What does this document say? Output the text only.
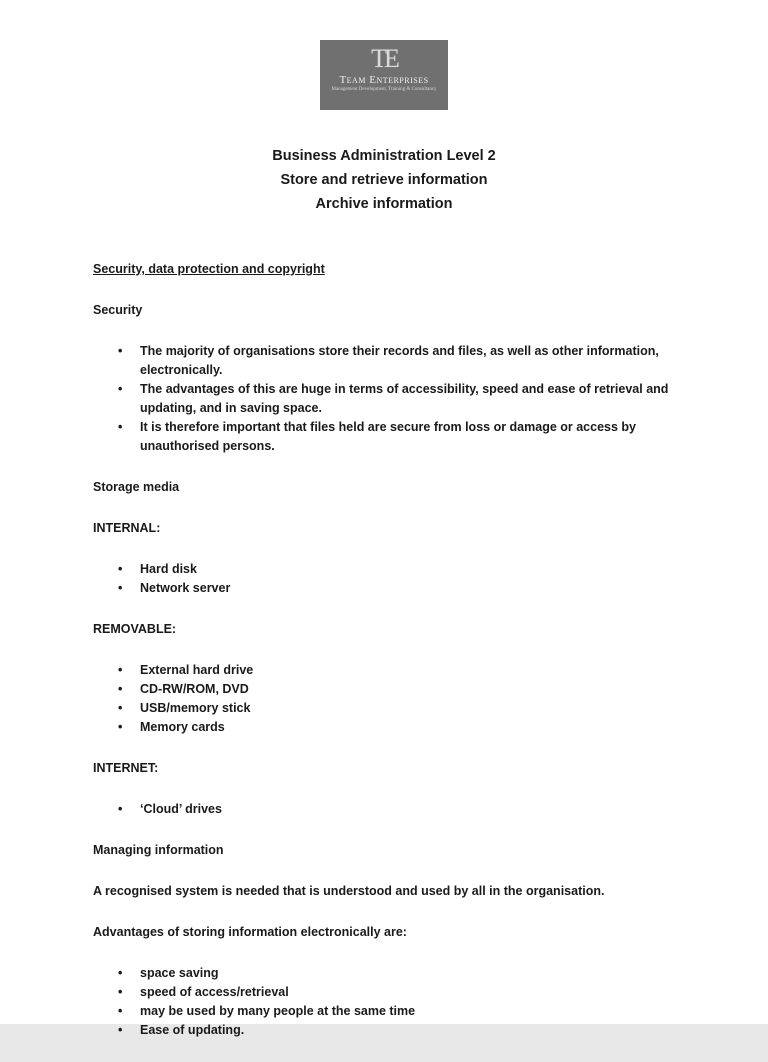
TE
Team Enterprises
Management Development, Training & Consultancy
Business Administration Level 2
Store and retrieve information
Archive information

Security, data protection and copyright

Security

• The majority of organisations store their records and files, as well as other information, electronically.
• The advantages of this are huge in terms of accessibility, speed and ease of retrieval and updating, and in saving space.
• It is therefore important that files held are secure from loss or damage or access by unauthorised persons.

Storage media

INTERNAL:

• Hard disk
• Network server

REMOVABLE:

• External hard drive
• CD-RW/ROM, DVD
• USB/memory stick
• Memory cards

INTERNET:

• ‘Cloud’ drives

Managing information

A recognised system is needed that is understood and used by all in the organisation.

Advantages of storing information electronically are:

• space saving
• speed of access/retrieval
• may be used by many people at the same time
• Ease of updating.
